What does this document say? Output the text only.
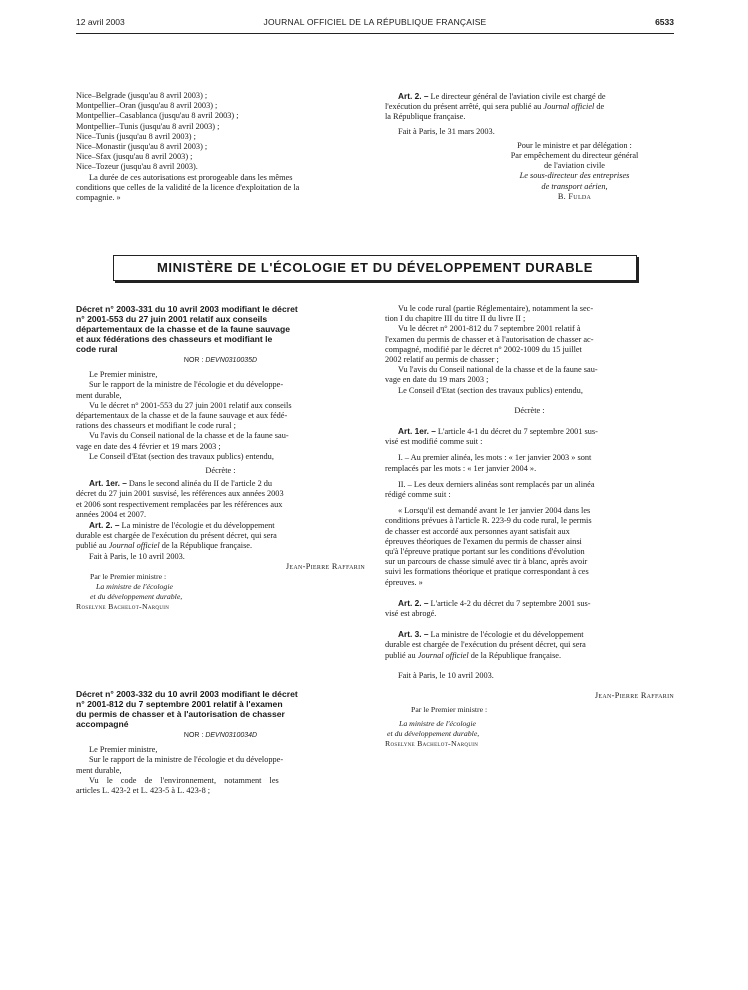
12 avril 2003	JOURNAL OFFICIEL DE LA RÉPUBLIQUE FRANÇAISE	6533
Nice–Belgrade (jusqu'au 8 avril 2003) ;
Montpellier–Oran (jusqu'au 8 avril 2003) ;
Montpellier–Casablanca (jusqu'au 8 avril 2003) ;
Montpellier–Tunis (jusqu'au 8 avril 2003) ;
Nice–Tunis (jusqu'au 8 avril 2003) ;
Nice–Monastir (jusqu'au 8 avril 2003) ;
Nice–Sfax (jusqu'au 8 avril 2003) ;
Nice–Tozeur (jusqu'au 8 avril 2003).
La durée de ces autorisations est prorogeable dans les mêmes
conditions que celles de la validité de la licence d'exploitation de la
compagnie. »
Art. 2. – Le directeur général de l'aviation civile est chargé de
l'exécution du présent arrêté, qui sera publié au Journal officiel de
la République française.
Fait à Paris, le 31 mars 2003.
Pour le ministre et par délégation :
Par empêchement du directeur général
de l'aviation civile
Le sous-directeur des entreprises
de transport aérien,
B. Fulda
MINISTÈRE DE L'ÉCOLOGIE ET DU DÉVELOPPEMENT DURABLE
Décret n° 2003-331 du 10 avril 2003 modifiant le décret
n° 2001-553 du 27 juin 2001 relatif aux conseils
départementaux de la chasse et de la faune sauvage
et aux fédérations des chasseurs et modifiant le
code rural
NOR : DEVN0310035D
Le Premier ministre,
Sur le rapport de la ministre de l'écologie et du développe-
ment durable,
Vu le décret n° 2001-553 du 27 juin 2001 relatif aux conseils
départementaux de la chasse et de la faune sauvage et aux fédé-
rations des chasseurs et modifiant le code rural ;
Vu l'avis du Conseil national de la chasse et de la faune sau-
vage en date des 4 février et 19 mars 2003 ;
Le Conseil d'Etat (section des travaux publics) entendu,
Décrète :
Art. 1er. – Dans le second alinéa du II de l'article 2 du
décret du 27 juin 2001 susvisé, les références aux années 2003
et 2006 sont respectivement remplacées par les références aux
années 2004 et 2007.
Art. 2. – La ministre de l'écologie et du développement
durable est chargée de l'exécution du présent décret, qui sera
publié au Journal officiel de la République française.
Fait à Paris, le 10 avril 2003.
Jean-Pierre Raffarin
Par le Premier ministre :
La ministre de l'écologie
et du développement durable,
Roselyne Bachelot-Narquin
Décret n° 2003-332 du 10 avril 2003 modifiant le décret
n° 2001-812 du 7 septembre 2001 relatif à l'examen
du permis de chasser et à l'autorisation de chasser
accompagné
NOR : DEVN0310034D
Le Premier ministre,
Sur le rapport de la ministre de l'écologie et du développe-
ment durable,
Vu le code de l'environnement, notamment les
articles L. 423-2 et L. 423-5 à L. 423-8 ;
Vu le code rural (partie Réglementaire), notamment la sec-
tion I du chapitre III du titre II du livre II ;
Vu le décret n° 2001-812 du 7 septembre 2001 relatif à
l'examen du permis de chasser et à l'autorisation de chasser ac-
compagné, modifié par le décret n° 2002-1009 du 15 juillet
2002 relatif au permis de chasser ;
Vu l'avis du Conseil national de la chasse et de la faune sau-
vage en date du 19 mars 2003 ;
Le Conseil d'Etat (section des travaux publics) entendu,
Décrète :
Art. 1er. – L'article 4-1 du décret du 7 septembre 2001 sus-
visé est modifié comme suit :
I. – Au premier alinéa, les mots : « 1er janvier 2003 » sont
remplacés par les mots : « 1er janvier 2004 ».
II. – Les deux derniers alinéas sont remplacés par un alinéa
rédigé comme suit :
« Lorsqu'il est demandé avant le 1er janvier 2004 dans les
conditions prévues à l'article R. 223-9 du code rural, le permis
de chasser est accordé aux personnes ayant satisfait aux
épreuves théoriques de l'examen du permis de chasser ainsi
qu'à l'épreuve pratique portant sur les conditions d'évolution
sur un parcours de chasse simulé avec tir à blanc, après avoir
suivi les formations théorique et pratique correspondant à ces
épreuves. »
Art. 2. – L'article 4-2 du décret du 7 septembre 2001 sus-
visé est abrogé.
Art. 3. – La ministre de l'écologie et du développement
durable est chargée de l'exécution du présent décret, qui sera
publié au Journal officiel de la République française.
Fait à Paris, le 10 avril 2003.
Jean-Pierre Raffarin
Par le Premier ministre :
La ministre de l'écologie
et du développement durable,
Roselyne Bachelot-Narquin
